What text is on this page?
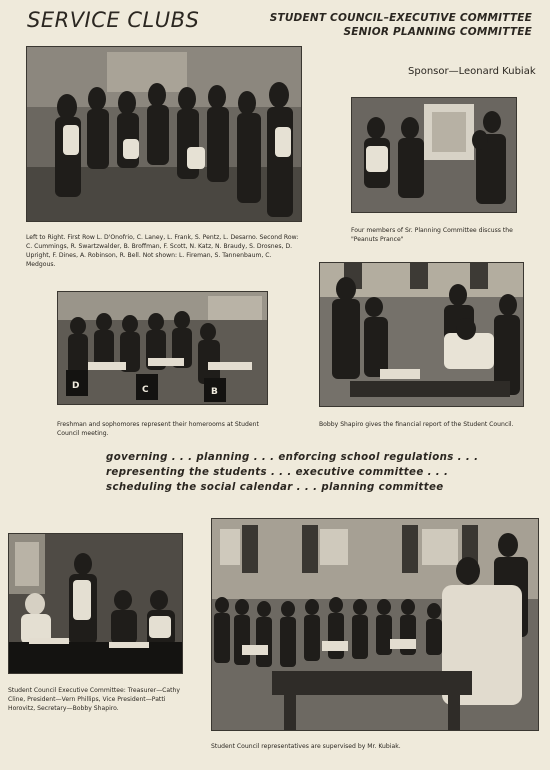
SERVICE CLUBS	STUDENT COUNCIL–EXECUTIVE COMMITTEE
SENIOR PLANNING COMMITTEE
Sponsor—Leonard Kubiak
Left to Right. First Row L. D'Onofrio, C. Laney, L. Frank, S. Pentz, L. Desarno. Second Row: C. Cummings, R. Swartzwalder, B. Broffman, F. Scott, N. Katz, N. Braudy, S. Drosnes, D. Upright, F. Dines, A. Robinson, R. Bell. Not shown: L. Fireman, S. Tannenbaum, C. Medgous.
Four members of Sr. Planning Committee discuss the "Peanuts Prance"
D	C	B
Freshman and sophomores represent their homerooms at Student Council meeting.
Bobby Shapiro gives the financial report of the Student Council.
governing . . . planning . . . enforcing school regulations . . .
representing the students . . . executive committee . . .
scheduling the social calendar . . . planning committee
Student Council Executive Committee: Treasurer—Cathy Cline, President—Vern Phillips, Vice President—Patti Horovitz, Secretary—Bobby Shapiro.
Student Council representatives are supervised by Mr. Kubiak.
